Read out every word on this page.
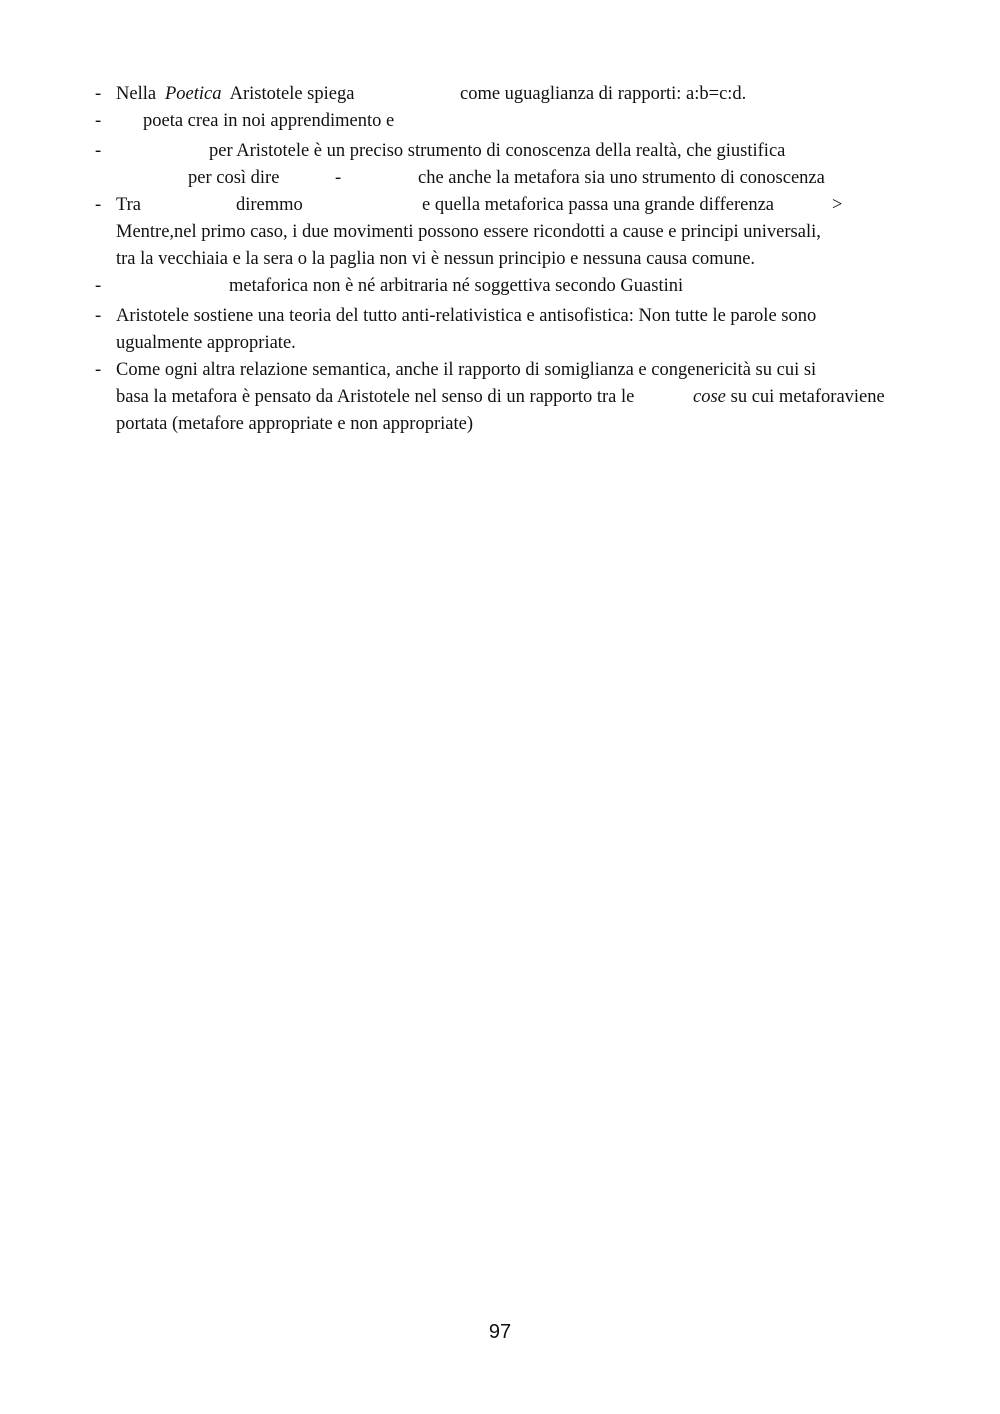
- Nella Poetica Aristotele spiega	come uguaglianza di rapporti: a:b=c:d.
- poeta crea in noi apprendimento e
-	per Aristotele è un preciso strumento di conoscenza della realtà, che giustifica
per così dire	-	che anche la metafora sia uno strumento di conoscenza
- Tra	diremmo	e quella metaforica passa una grande differenza	>
Mentre,nel primo caso, i due movimenti possono essere ricondotti a cause e principi universali,
tra la vecchiaia e la sera o la paglia non vi è nessun principio e nessuna causa comune.
-	metaforica non è né arbitraria né soggettiva secondo Guastini
- Aristotele sostiene una teoria del tutto anti-relativistica e antisofistica: Non tutte le parole sono
ugualmente appropriate.
- Come ogni altra relazione semantica, anche il rapporto di somiglianza e congenericità su cui si
basa la metafora è pensato da Aristotele nel senso di un rapporto tra le	cose su cui metaforaviene
portata (metafore appropriate e non appropriate)
97
